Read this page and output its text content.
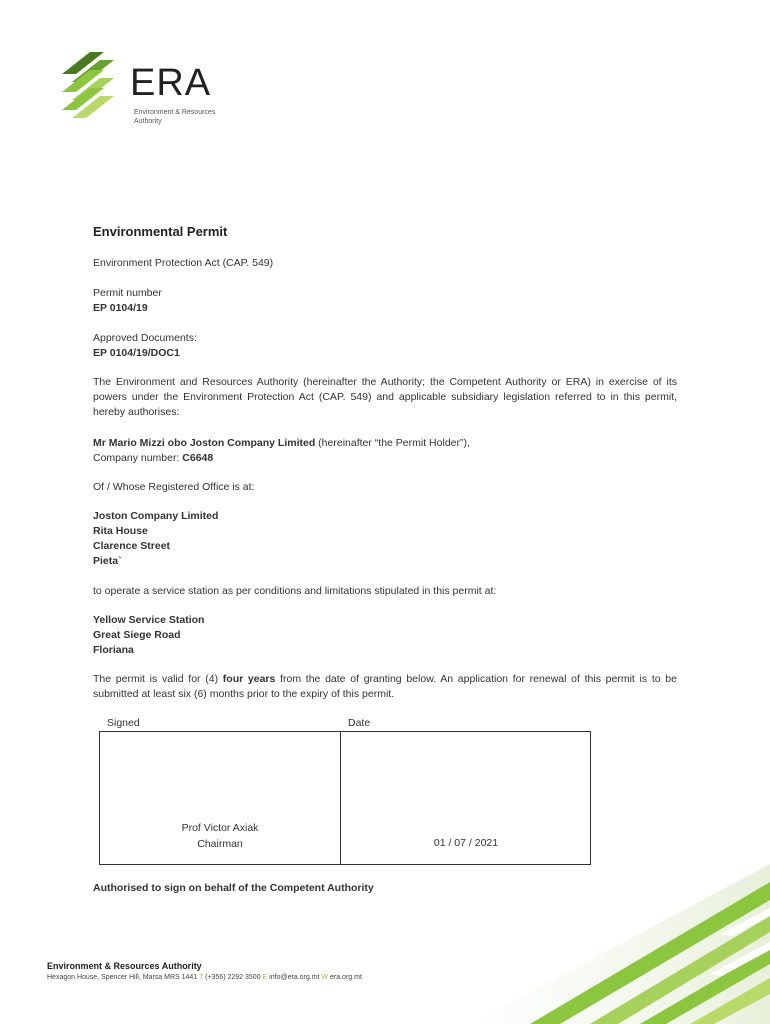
ERA
Environment & Resources
Authority
Environmental Permit
Environment Protection Act (CAP. 549)
Permit number
EP 0104/19
Approved Documents:
EP 0104/19/DOC1
The Environment and Resources Authority (hereinafter the Authority; the Competent Authority or ERA) in exercise of its powers under the Environment Protection Act (CAP. 549) and applicable subsidiary legislation referred to in this permit, hereby authorises:
Mr Mario Mizzi obo Joston Company Limited (hereinafter “the Permit Holder”),
Company number: C6648
Of / Whose Registered Office is at:
Joston Company Limited
Rita House
Clarence Street
Pieta`
to operate a service station as per conditions and limitations stipulated in this permit at:
Yellow Service Station
Great Siege Road
Floriana
The permit is valid for (4) four years from the date of granting below. An application for renewal of this permit is to be submitted at least six (6) months prior to the expiry of this permit.
Signed	Date
Prof Victor Axiak
Chairman	01 / 07 / 2021
Authorised to sign on behalf of the Competent Authority
Environment & Resources Authority
Hexagon House, Spencer Hill, Marsa MRS 1441 T (+356) 2292 3500 E info@era.org.mt W era.org.mt
